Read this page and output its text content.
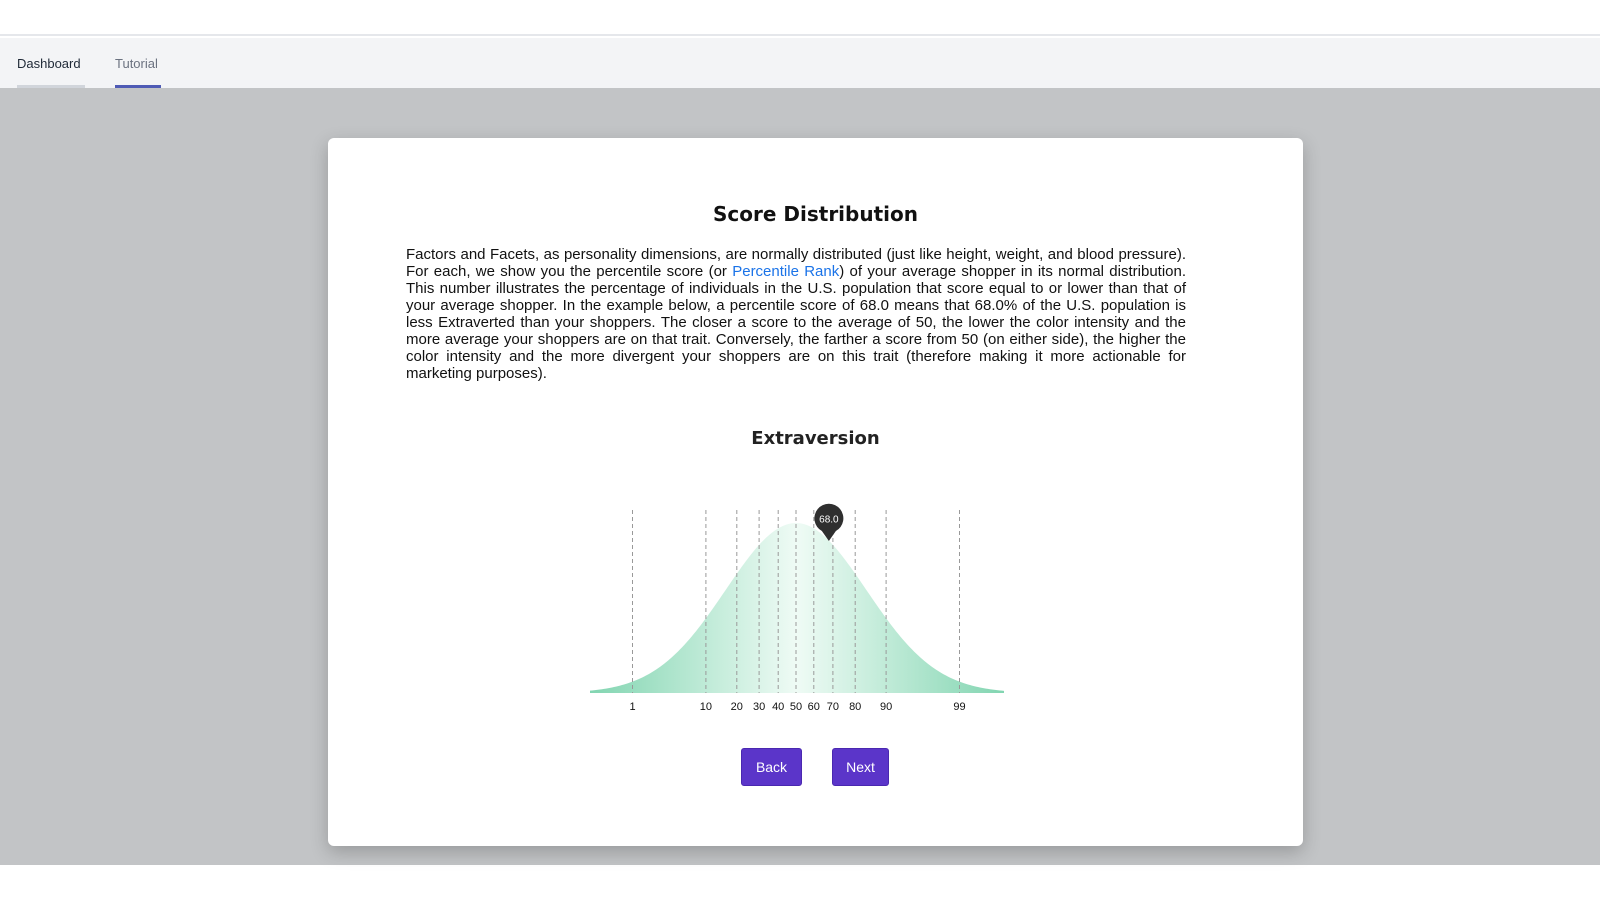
Dashboard	Tutorial
Score Distribution

Factors and Facets, as personality dimensions, are normally distributed (just like height, weight, and blood pressure). For each, we show you the percentile score (or Percentile Rank) of your average shopper in its normal distribution. This number illustrates the percentage of individuals in the U.S. population that score equal to or lower than that of your average shopper. In the example below, a percentile score of 68.0 means that 68.0% of the U.S. population is less Extraverted than your shoppers. The closer a score to the average of 50, the lower the color intensity and the more average your shoppers are on that trait. Conversely, the farther a score from 50 (on either side), the higher the color intensity and the more divergent your shoppers are on this trait (therefore making it more actionable for marketing purposes).

Extraversion
1	10 20 30 40 50 60 70 80 90	99
68.0
Back	Next
